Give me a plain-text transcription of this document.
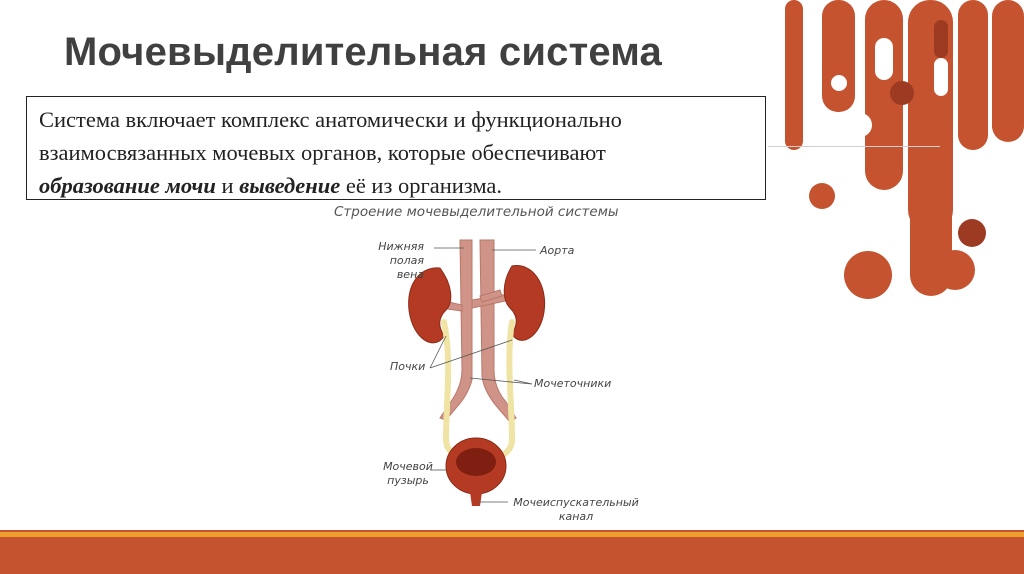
Мочевыделительная система
Система включает комплекс анатомически и функционально
взаимосвязанных мочевых органов, которые обеспечивают
образование мочи и выведение её из организма.
Строение мочевыделительной системы
Нижняя
полая
вена
Аорта
Почки
Мочеточники
Мочевой
пузырь
Мочеиспускательный
канал
